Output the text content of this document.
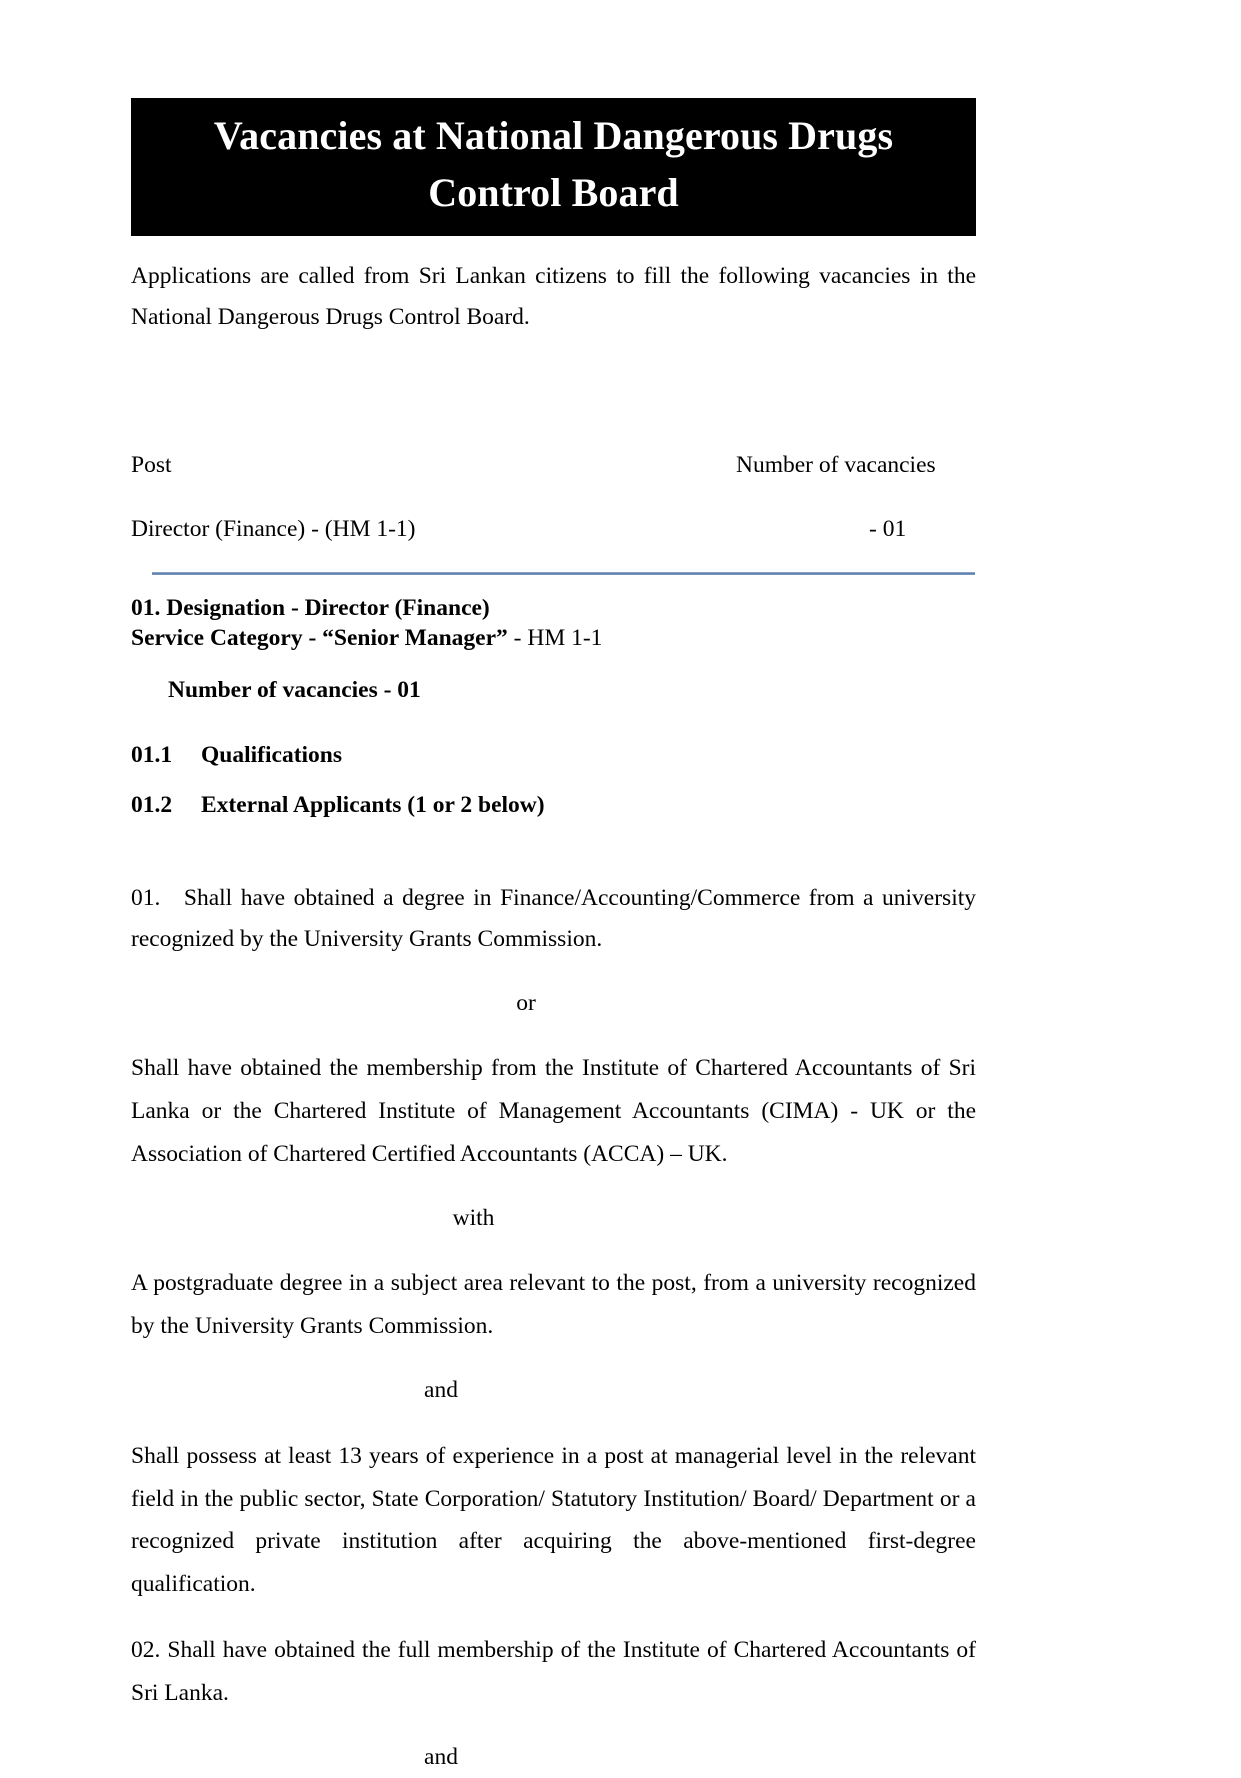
Vacancies at National Dangerous Drugs
Control Board

Applications are called from Sri Lankan citizens to fill the following vacancies in the National Dangerous Drugs Control Board.

Post	Number of vacancies
Director (Finance) - (HM 1-1)	- 01
01. Designation - Director (Finance)
Service Category - “Senior Manager” - HM 1-1
Number of vacancies - 01
01.1	Qualifications
01.2	External Applicants (1 or 2 below)

01. Shall have obtained a degree in Finance/Accounting/Commerce from a university recognized by the University Grants Commission.

or

Shall have obtained the membership from the Institute of Chartered Accountants of Sri Lanka or the Chartered Institute of Management Accountants (CIMA) - UK or the Association of Chartered Certified Accountants (ACCA) – UK.

with

A postgraduate degree in a subject area relevant to the post, from a university recognized by the University Grants Commission.

and

Shall possess at least 13 years of experience in a post at managerial level in the relevant field in the public sector, State Corporation/ Statutory Institution/ Board/ Department or a recognized private institution after acquiring the above-mentioned first-degree qualification.

02. Shall have obtained the full membership of the Institute of Chartered Accountants of Sri Lanka.

and
